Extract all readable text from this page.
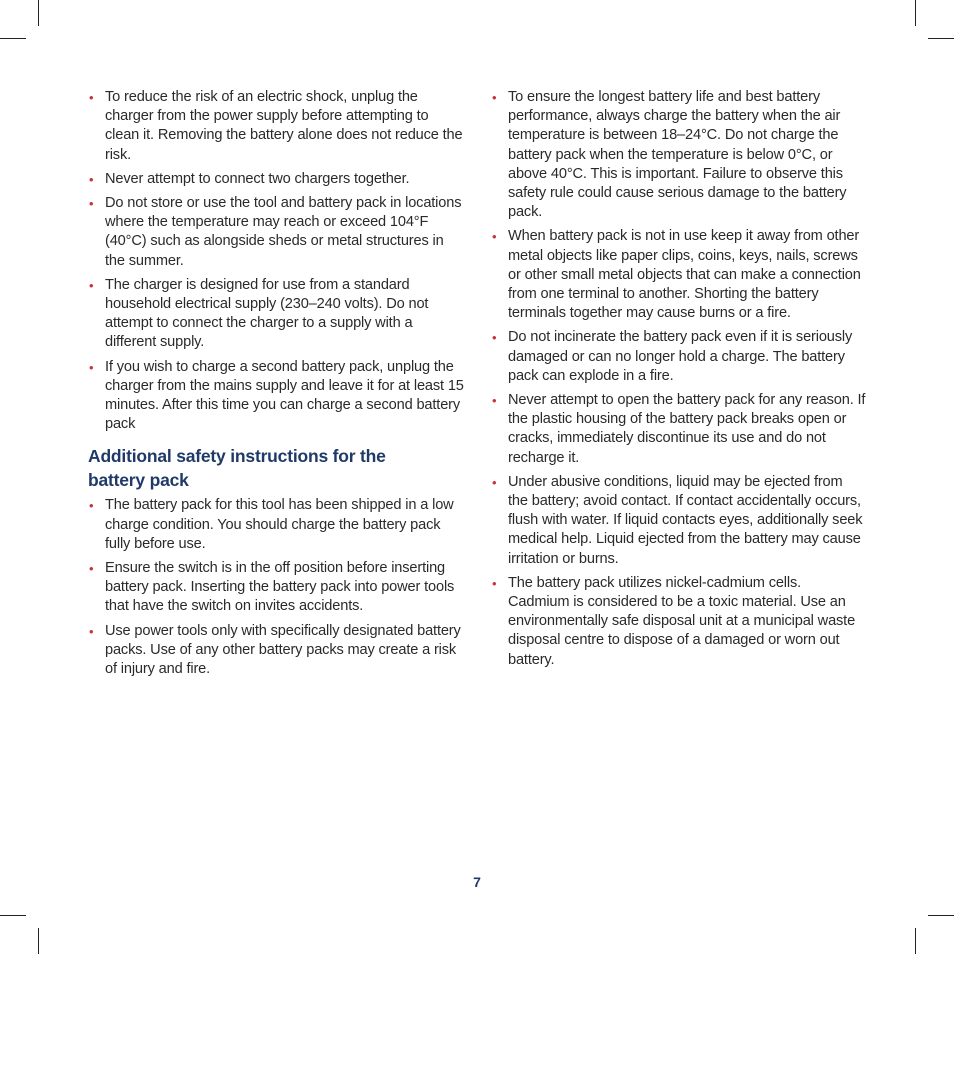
• To reduce the risk of an electric shock, unplug the charger from the power supply before attempting to clean it. Removing the battery alone does not reduce the risk.
• Never attempt to connect two chargers together.
• Do not store or use the tool and battery pack in locations where the temperature may reach or exceed 104°F (40°C) such as alongside sheds or metal structures in the summer.
• The charger is designed for use from a standard household electrical supply (230–240 volts). Do not attempt to connect the charger to a supply with a different supply.
• If you wish to charge a second battery pack, unplug the charger from the mains supply and leave it for at least 15 minutes. After this time you can charge a second battery pack
Additional safety instructions for the battery pack
• The battery pack for this tool has been shipped in a low charge condition. You should charge the battery pack fully before use.
• Ensure the switch is in the off position before inserting battery pack. Inserting the battery pack into power tools that have the switch on invites accidents.
• Use power tools only with specifically designated battery packs. Use of any other battery packs may create a risk of injury and fire.
• To ensure the longest battery life and best battery performance, always charge the battery when the air temperature is between 18–24°C. Do not charge the battery pack when the temperature is below 0°C, or above 40°C. This is important. Failure to observe this safety rule could cause serious damage to the battery pack.
• When battery pack is not in use keep it away from other metal objects like paper clips, coins, keys, nails, screws or other small metal objects that can make a connection from one terminal to another. Shorting the battery terminals together may cause burns or a fire.
• Do not incinerate the battery pack even if it is seriously damaged or can no longer hold a charge. The battery pack can explode in a fire.
• Never attempt to open the battery pack for any reason. If the plastic housing of the battery pack breaks open or cracks, immediately discontinue its use and do not recharge it.
• Under abusive conditions, liquid may be ejected from the battery; avoid contact. If contact accidentally occurs, flush with water. If liquid contacts eyes, additionally seek medical help. Liquid ejected from the battery may cause irritation or burns.
• The battery pack utilizes nickel-cadmium cells. Cadmium is considered to be a toxic material. Use an environmentally safe disposal unit at a municipal waste disposal centre to dispose of a damaged or worn out battery.
7
